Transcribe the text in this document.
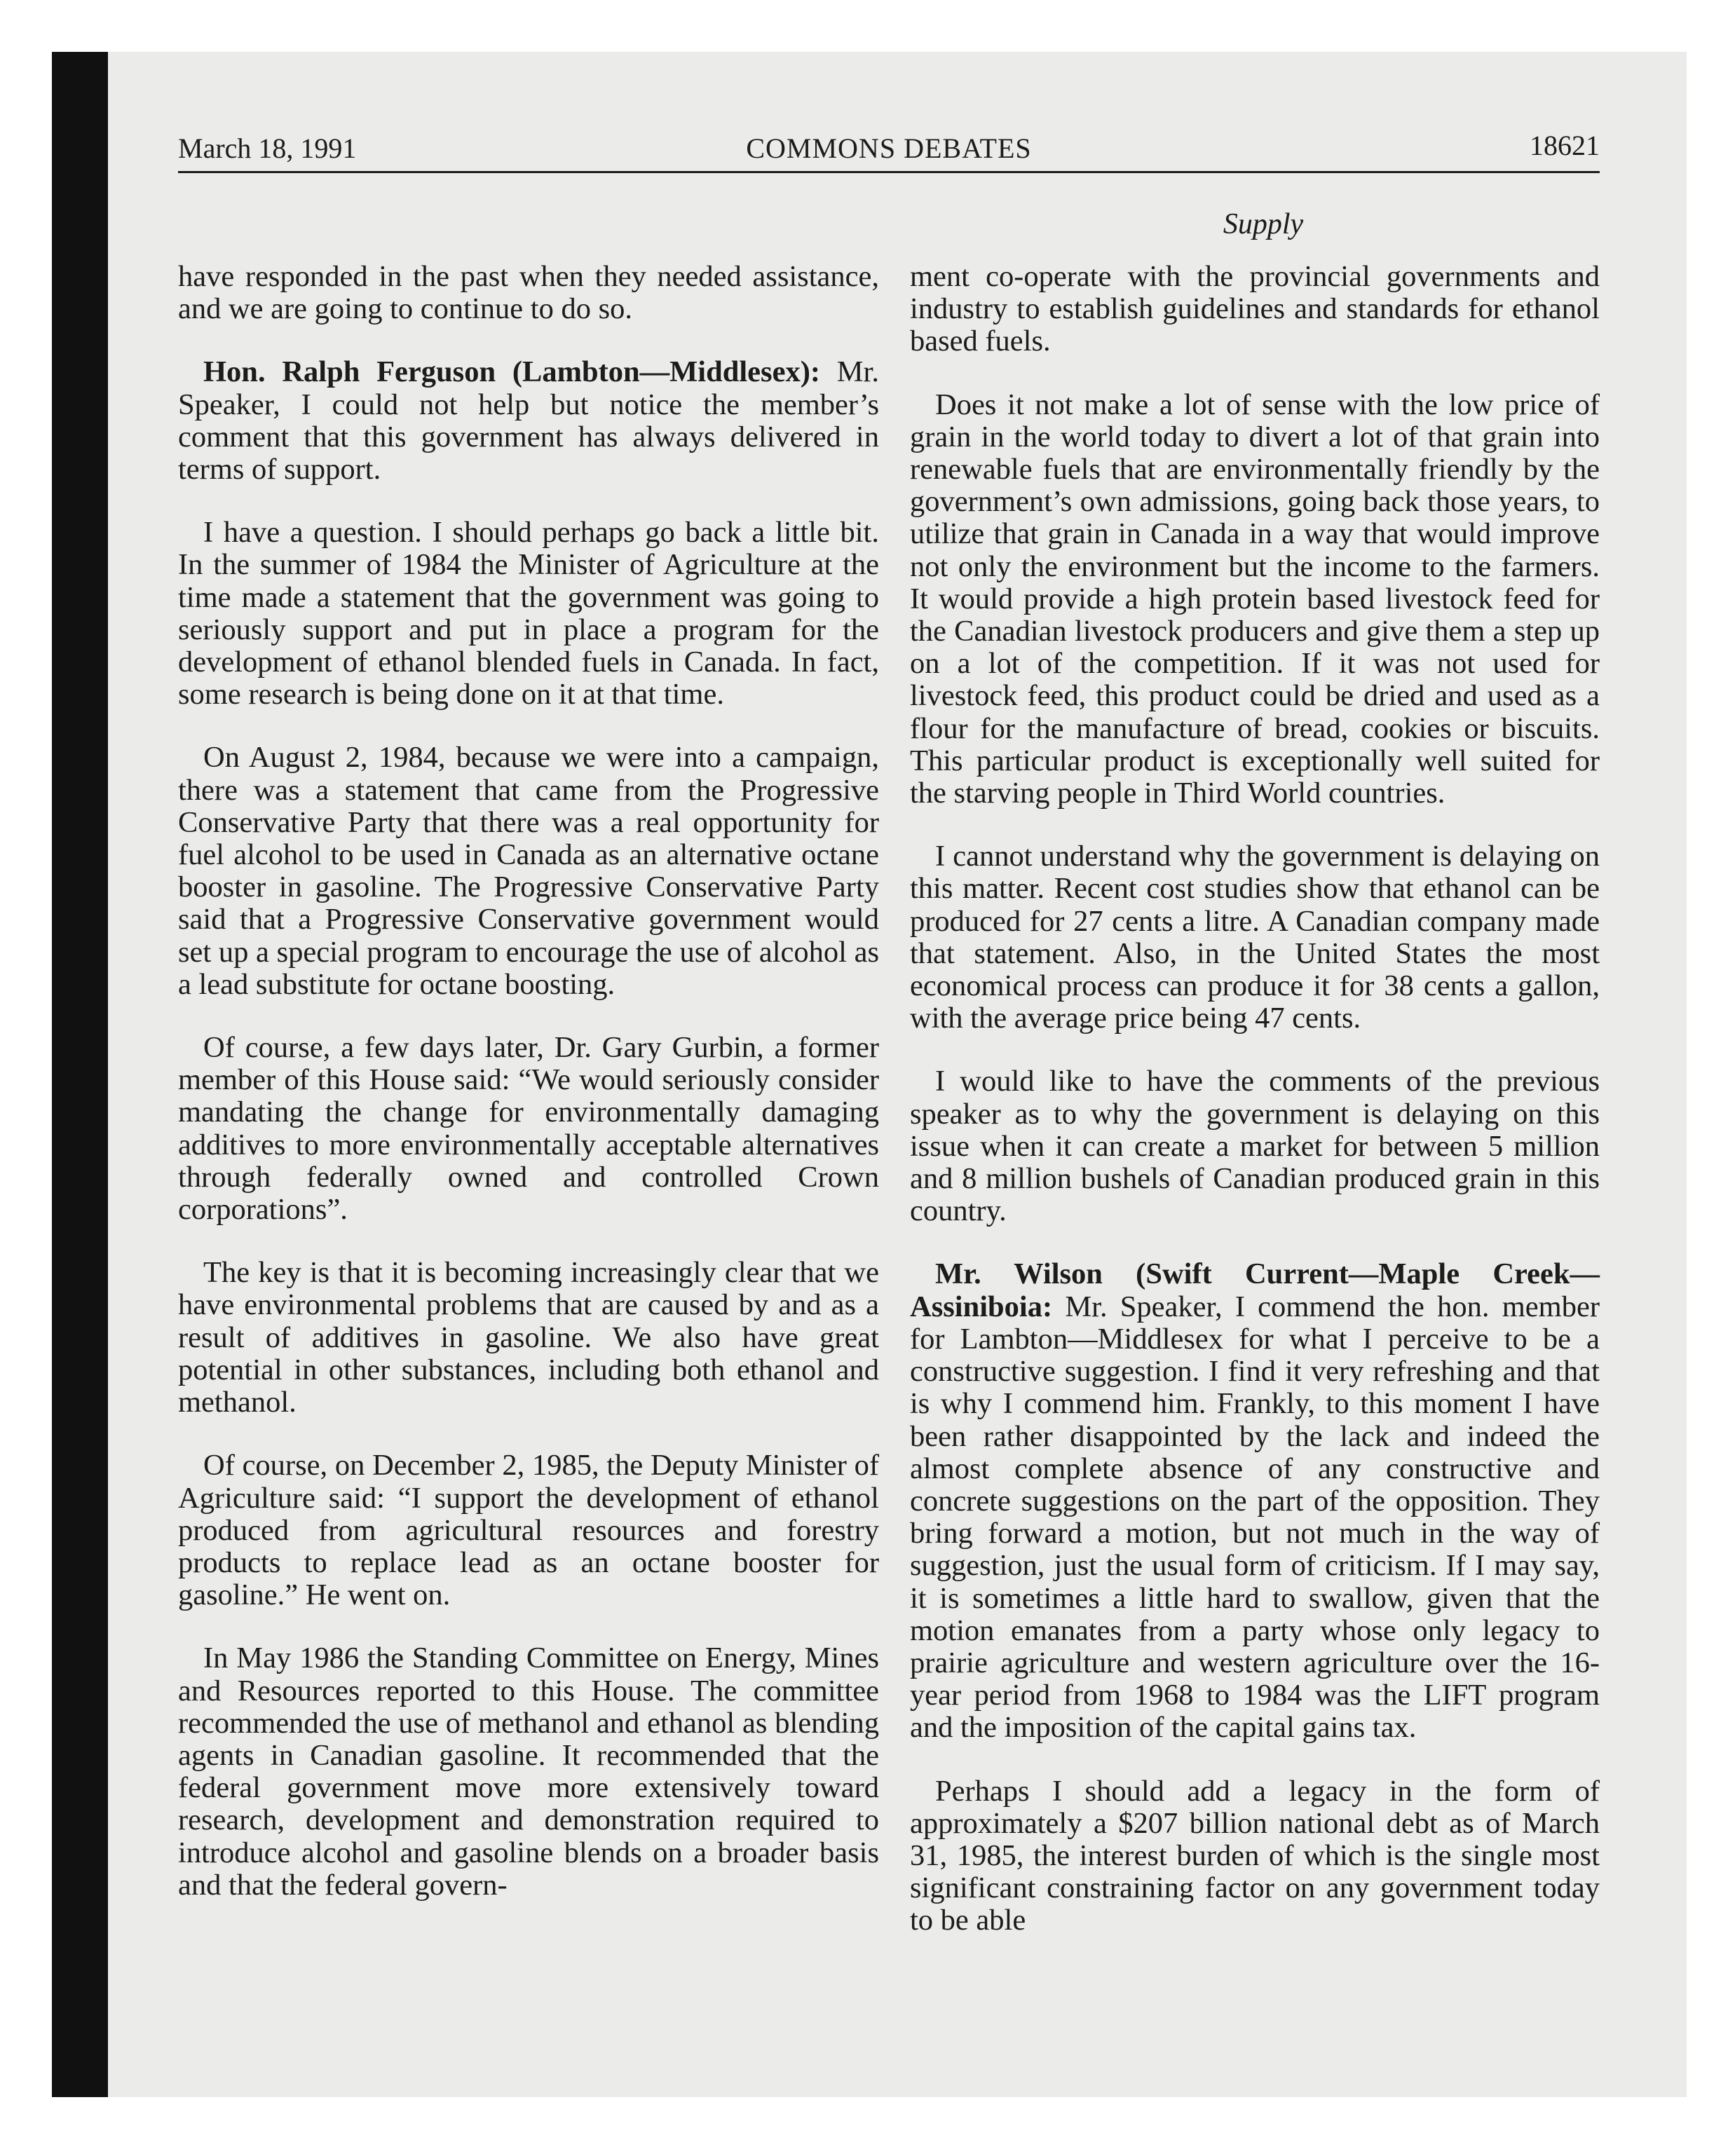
March 18, 1991	COMMONS DEBATES	18621
Supply

have responded in the past when they needed assistance, and we are going to continue to do so.

Hon. Ralph Ferguson (Lambton—Middlesex): Mr. Speaker, I could not help but notice the member’s comment that this government has always delivered in terms of support.

I have a question. I should perhaps go back a little bit. In the summer of 1984 the Minister of Agriculture at the time made a statement that the government was going to seriously support and put in place a program for the development of ethanol blended fuels in Canada. In fact, some research is being done on it at that time.

On August 2, 1984, because we were into a campaign, there was a statement that came from the Progressive Conservative Party that there was a real opportunity for fuel alcohol to be used in Canada as an alternative octane booster in gasoline. The Progressive Conservative Party said that a Progressive Conservative government would set up a special program to encourage the use of alcohol as a lead substitute for octane boosting.

Of course, a few days later, Dr. Gary Gurbin, a former member of this House said: “We would seriously consider mandating the change for environmentally damaging additives to more environmentally acceptable alternatives through federally owned and controlled Crown corporations”.

The key is that it is becoming increasingly clear that we have environmental problems that are caused by and as a result of additives in gasoline. We also have great potential in other substances, including both ethanol and methanol.

Of course, on December 2, 1985, the Deputy Minister of Agriculture said: “I support the development of ethanol produced from agricultural resources and forestry products to replace lead as an octane booster for gasoline.” He went on.

In May 1986 the Standing Committee on Energy, Mines and Resources reported to this House. The committee recommended the use of methanol and ethanol as blending agents in Canadian gasoline. It recommended that the federal government move more extensively toward research, development and demonstration required to introduce alcohol and gasoline blends on a broader basis and that the federal govern-

ment co-operate with the provincial governments and industry to establish guidelines and standards for ethanol based fuels.

Does it not make a lot of sense with the low price of grain in the world today to divert a lot of that grain into renewable fuels that are environmentally friendly by the government’s own admissions, going back those years, to utilize that grain in Canada in a way that would improve not only the environment but the income to the farmers. It would provide a high protein based livestock feed for the Canadian livestock producers and give them a step up on a lot of the competition. If it was not used for livestock feed, this product could be dried and used as a flour for the manufacture of bread, cookies or biscuits. This particular product is exceptionally well suited for the starving people in Third World countries.

I cannot understand why the government is delaying on this matter. Recent cost studies show that ethanol can be produced for 27 cents a litre. A Canadian company made that statement. Also, in the United States the most economical process can produce it for 38 cents a gallon, with the average price being 47 cents.

I would like to have the comments of the previous speaker as to why the government is delaying on this issue when it can create a market for between 5 million and 8 million bushels of Canadian produced grain in this country.

Mr. Wilson (Swift Current—Maple Creek—Assiniboia: Mr. Speaker, I commend the hon. member for Lambton—Middlesex for what I perceive to be a constructive suggestion. I find it very refreshing and that is why I commend him. Frankly, to this moment I have been rather disappointed by the lack and indeed the almost complete absence of any constructive and concrete suggestions on the part of the opposition. They bring forward a motion, but not much in the way of suggestion, just the usual form of criticism. If I may say, it is sometimes a little hard to swallow, given that the motion emanates from a party whose only legacy to prairie agriculture and western agriculture over the 16-year period from 1968 to 1984 was the LIFT program and the imposition of the capital gains tax.

Perhaps I should add a legacy in the form of approximately a $207 billion national debt as of March 31, 1985, the interest burden of which is the single most significant constraining factor on any government today to be able
